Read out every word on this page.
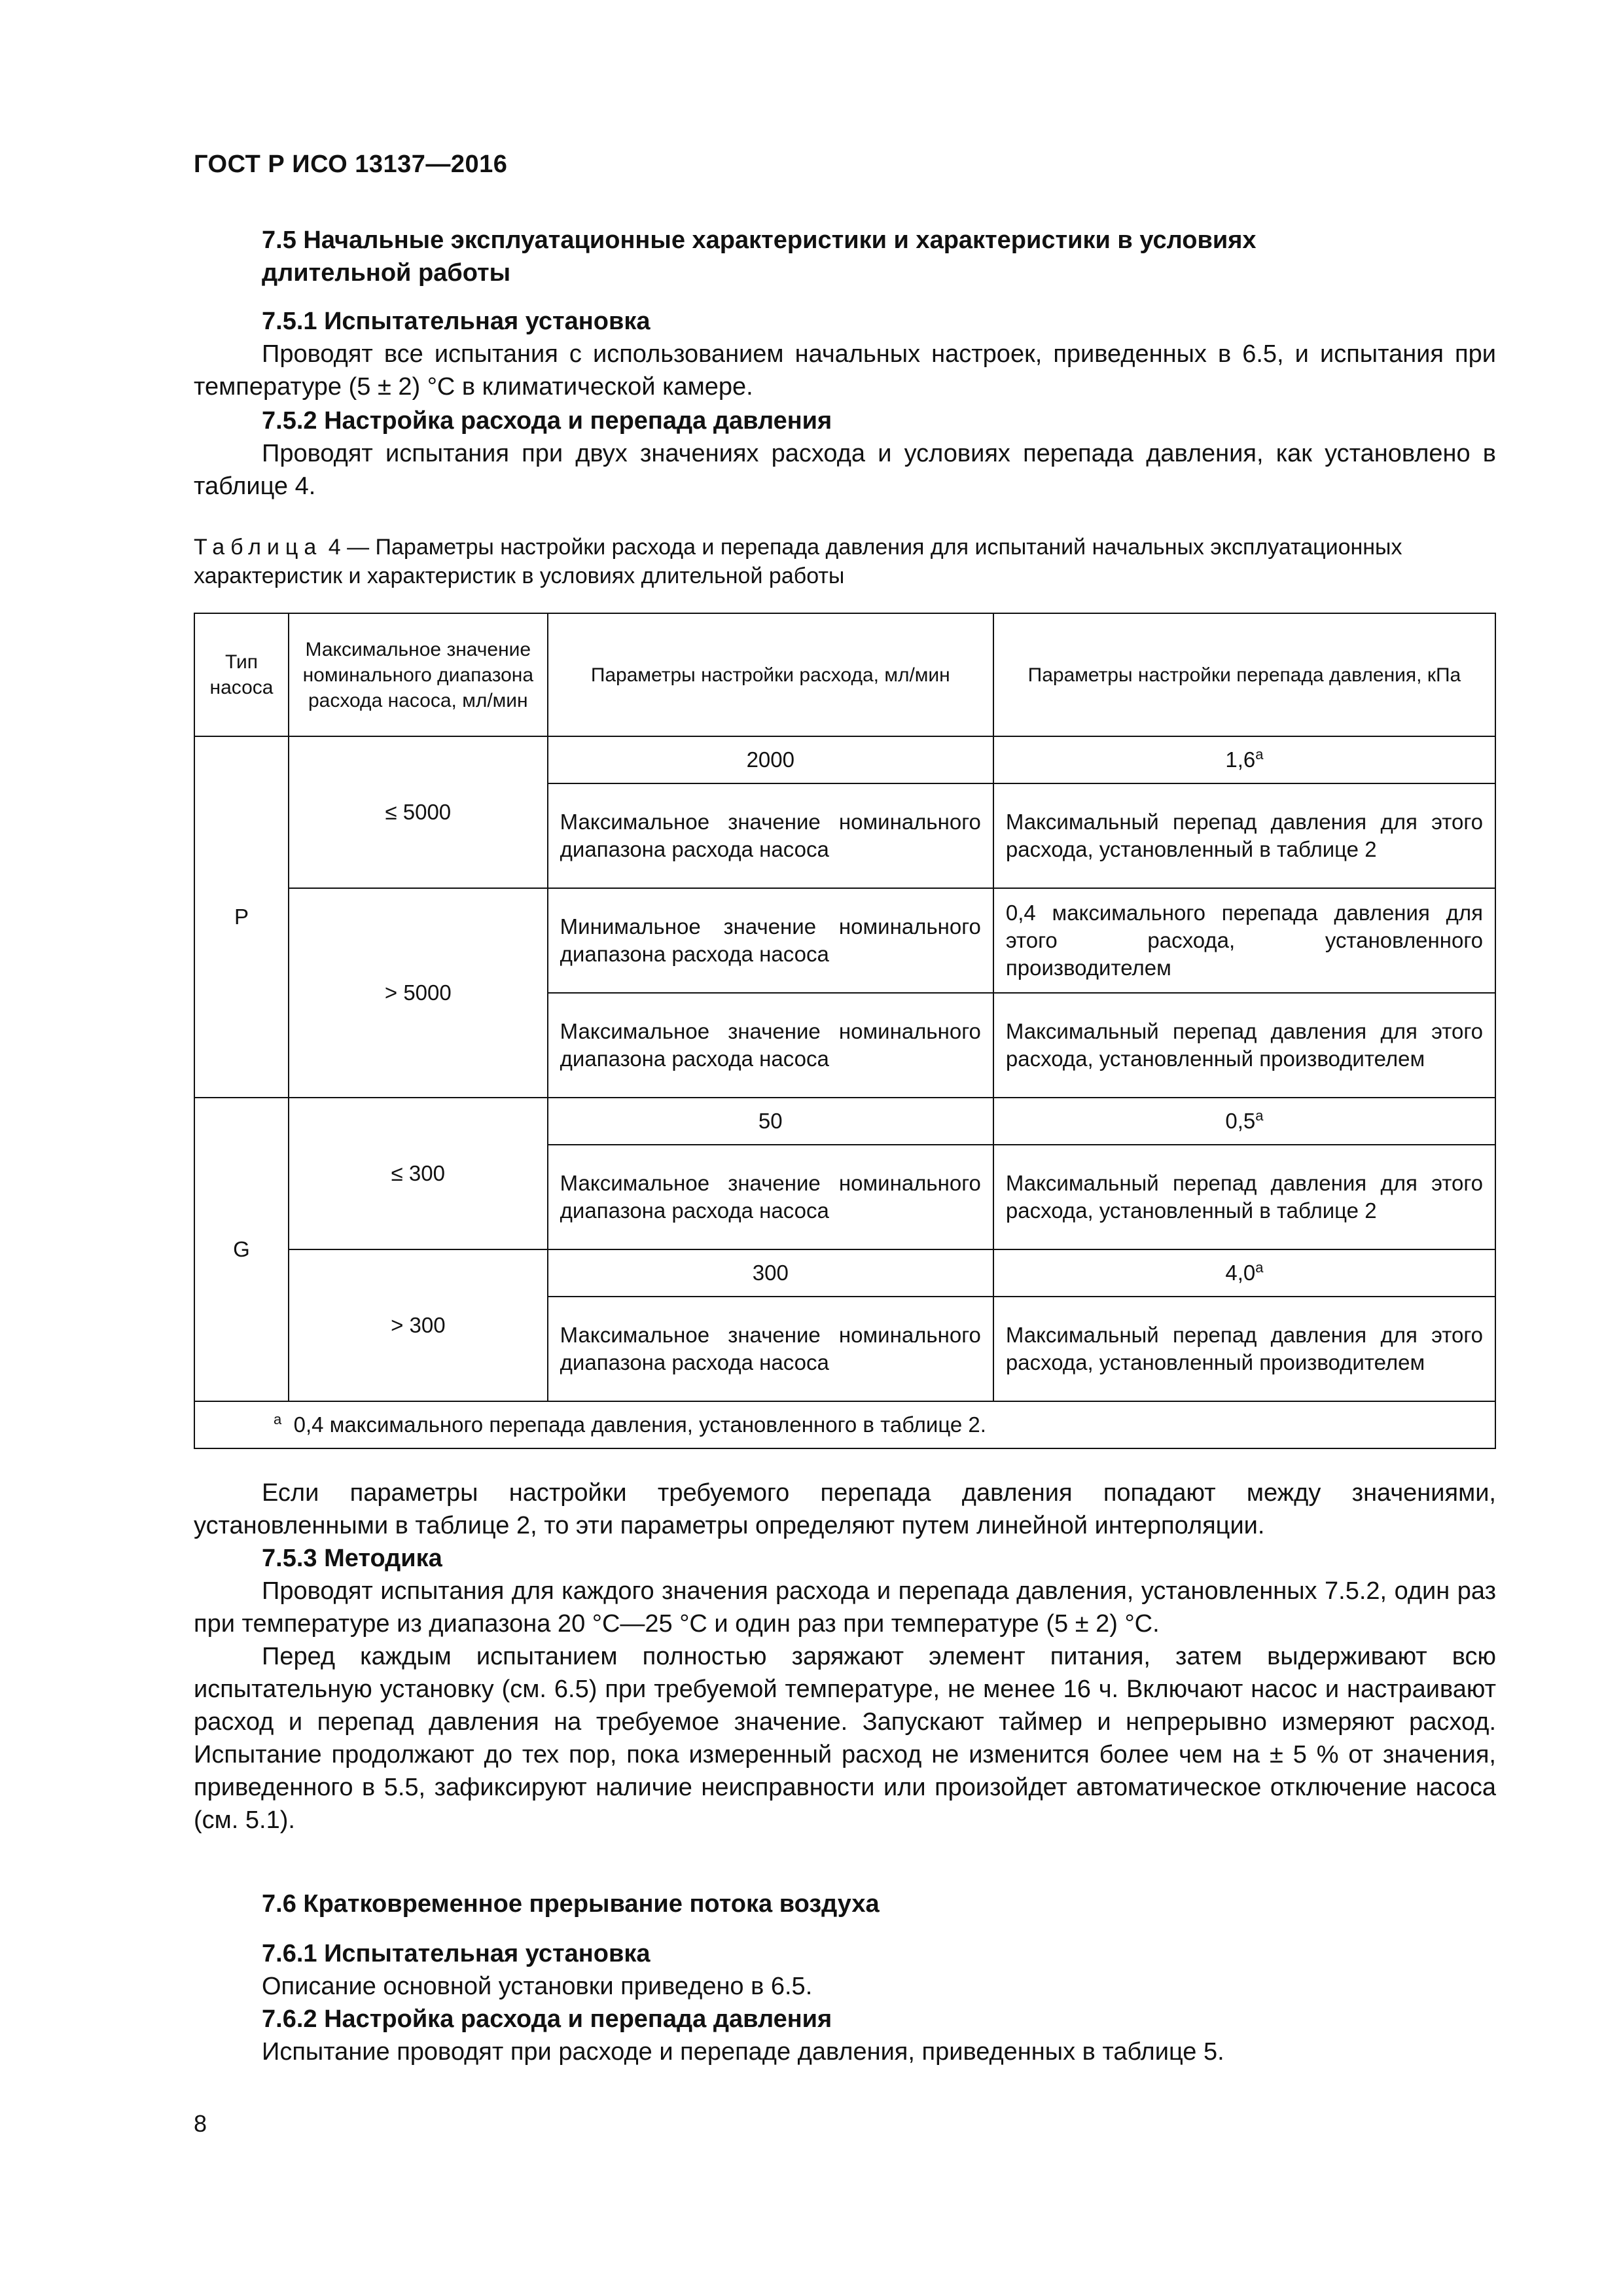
ГОСТ Р ИСО 13137—2016
7.5 Начальные эксплуатационные характеристики и характеристики в условиях
длительной работы
7.5.1 Испытательная установка
Проводят все испытания с использованием начальных настроек, приведенных в 6.5, и испытания при температуре (5 ± 2) °С в климатической камере.
7.5.2 Настройка расхода и перепада давления
Проводят испытания при двух значениях расхода и условиях перепада давления, как установлено в таблице 4.
Таблица 4 — Параметры настройки расхода и перепада давления для испытаний начальных эксплуатационных характеристик и характеристик в условиях длительной работы
Тип насоса	Максимальное значение номинального диапазона расхода насоса, мл/мин	Параметры настройки расхода, мл/мин	Параметры настройки перепада давления, кПа
Р	≤ 5000	2000	1,6$^a$
		Максимальное значение номинального диапазона расхода насоса	Максимальный перепад давления для этого расхода, установленный в таблице 2
	> 5000	Минимальное значение номинального диапазона расхода насоса	0,4 максимального перепада давления для этого расхода, установленного производителем
		Максимальное значение номинального диапазона расхода насоса	Максимальный перепад давления для этого расхода, установленный производителем
G	≤ 300	50	0,5$^a$
		Максимальное значение номинального диапазона расхода насоса	Максимальный перепад давления для этого расхода, установленный в таблице 2
	> 300	300	4,0$^a$
		Максимальное значение номинального диапазона расхода насоса	Максимальный перепад давления для этого расхода, установленный производителем
$^a$ 0,4 максимального перепада давления, установленного в таблице 2.			
Если параметры настройки требуемого перепада давления попадают между значениями, установленными в таблице 2, то эти параметры определяют путем линейной интерполяции.
7.5.3 Методика
Проводят испытания для каждого значения расхода и перепада давления, установленных 7.5.2, один раз при температуре из диапазона 20 °С—25 °С и один раз при температуре (5 ± 2) °С.
Перед каждым испытанием полностью заряжают элемент питания, затем выдерживают всю испытательную установку (см. 6.5) при требуемой температуре, не менее 16 ч. Включают насос и настраивают расход и перепад давления на требуемое значение. Запускают таймер и непрерывно измеряют расход. Испытание продолжают до тех пор, пока измеренный расход не изменится более чем на ± 5 % от значения, приведенного в 5.5, зафиксируют наличие неисправности или произойдет автоматическое отключение насоса (см. 5.1).
7.6 Кратковременное прерывание потока воздуха
7.6.1 Испытательная установка
Описание основной установки приведено в 6.5.
7.6.2 Настройка расхода и перепада давления
Испытание проводят при расходе и перепаде давления, приведенных в таблице 5.
8
